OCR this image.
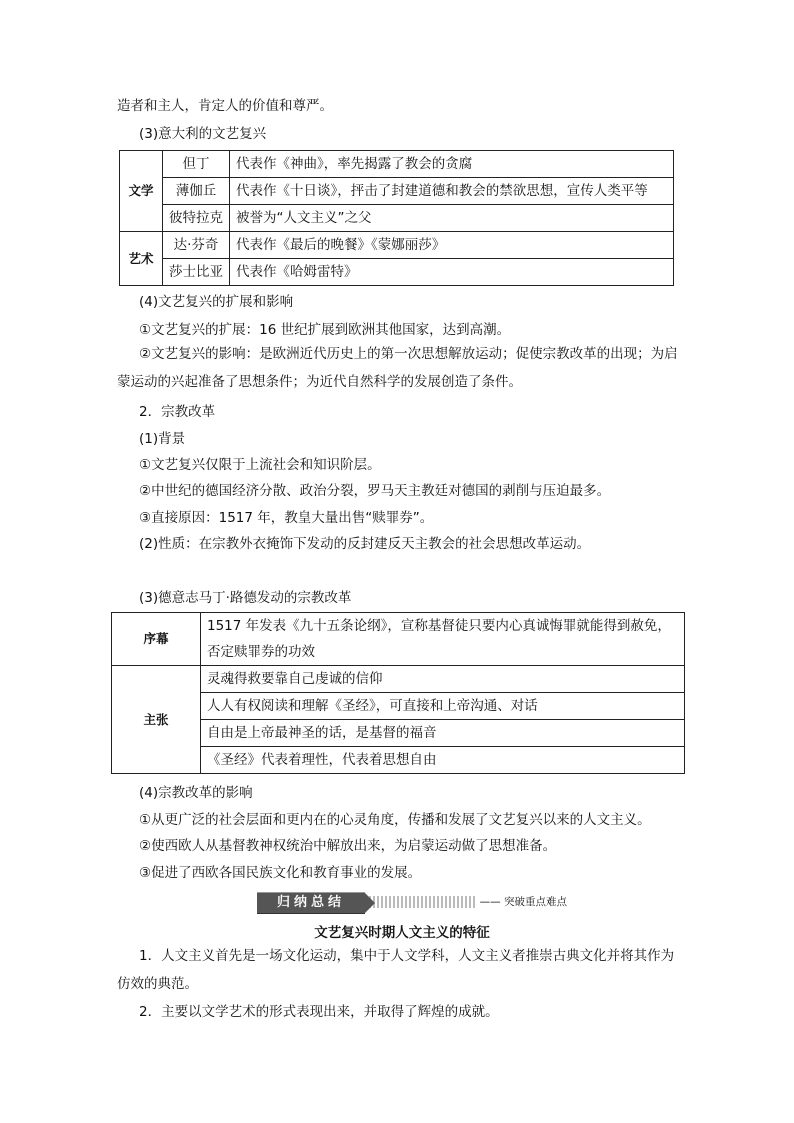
造者和主人，肯定人的价值和尊严。
(3)意大利的文艺复兴
文学	但丁	代表作《神曲》，率先揭露了教会的贪腐
	薄伽丘	代表作《十日谈》，抨击了封建道德和教会的禁欲思想，宣传人类平等
	彼特拉克	被誉为“人文主义”之父
艺术	达·芬奇	代表作《最后的晚餐》《蒙娜丽莎》
	莎士比亚	代表作《哈姆雷特》
(4)文艺复兴的扩展和影响
①文艺复兴的扩展：16 世纪扩展到欧洲其他国家，达到高潮。
②文艺复兴的影响：是欧洲近代历史上的第一次思想解放运动；促使宗教改革的出现；为启蒙运动的兴起准备了思想条件；为近代自然科学的发展创造了条件。
2．宗教改革
(1)背景
①文艺复兴仅限于上流社会和知识阶层。
②中世纪的德国经济分散、政治分裂，罗马天主教廷对德国的剥削与压迫最多。
③直接原因：1517 年，教皇大量出售“赎罪券”。
(2)性质：在宗教外衣掩饰下发动的反封建反天主教会的社会思想改革运动。
(3)德意志马丁·路德发动的宗教改革
序幕	1517 年发表《九十五条论纲》，宣称基督徒只要内心真诚悔罪就能得到赦免，否定赎罪券的功效
主张	灵魂得救要靠自己虔诚的信仰
	人人有权阅读和理解《圣经》，可直接和上帝沟通、对话
	自由是上帝最神圣的话，是基督的福音
	《圣经》代表着理性，代表着思想自由
(4)宗教改革的影响
①从更广泛的社会层面和更内在的心灵角度，传播和发展了文艺复兴以来的人文主义。
②使西欧人从基督教神权统治中解放出来，为启蒙运动做了思想准备。
③促进了西欧各国民族文化和教育事业的发展。
归纳总结	—— 突破重点难点
文艺复兴时期人文主义的特征
1．人文主义首先是一场文化运动，集中于人文学科，人文主义者推崇古典文化并将其作为仿效的典范。
2．主要以文学艺术的形式表现出来，并取得了辉煌的成就。
